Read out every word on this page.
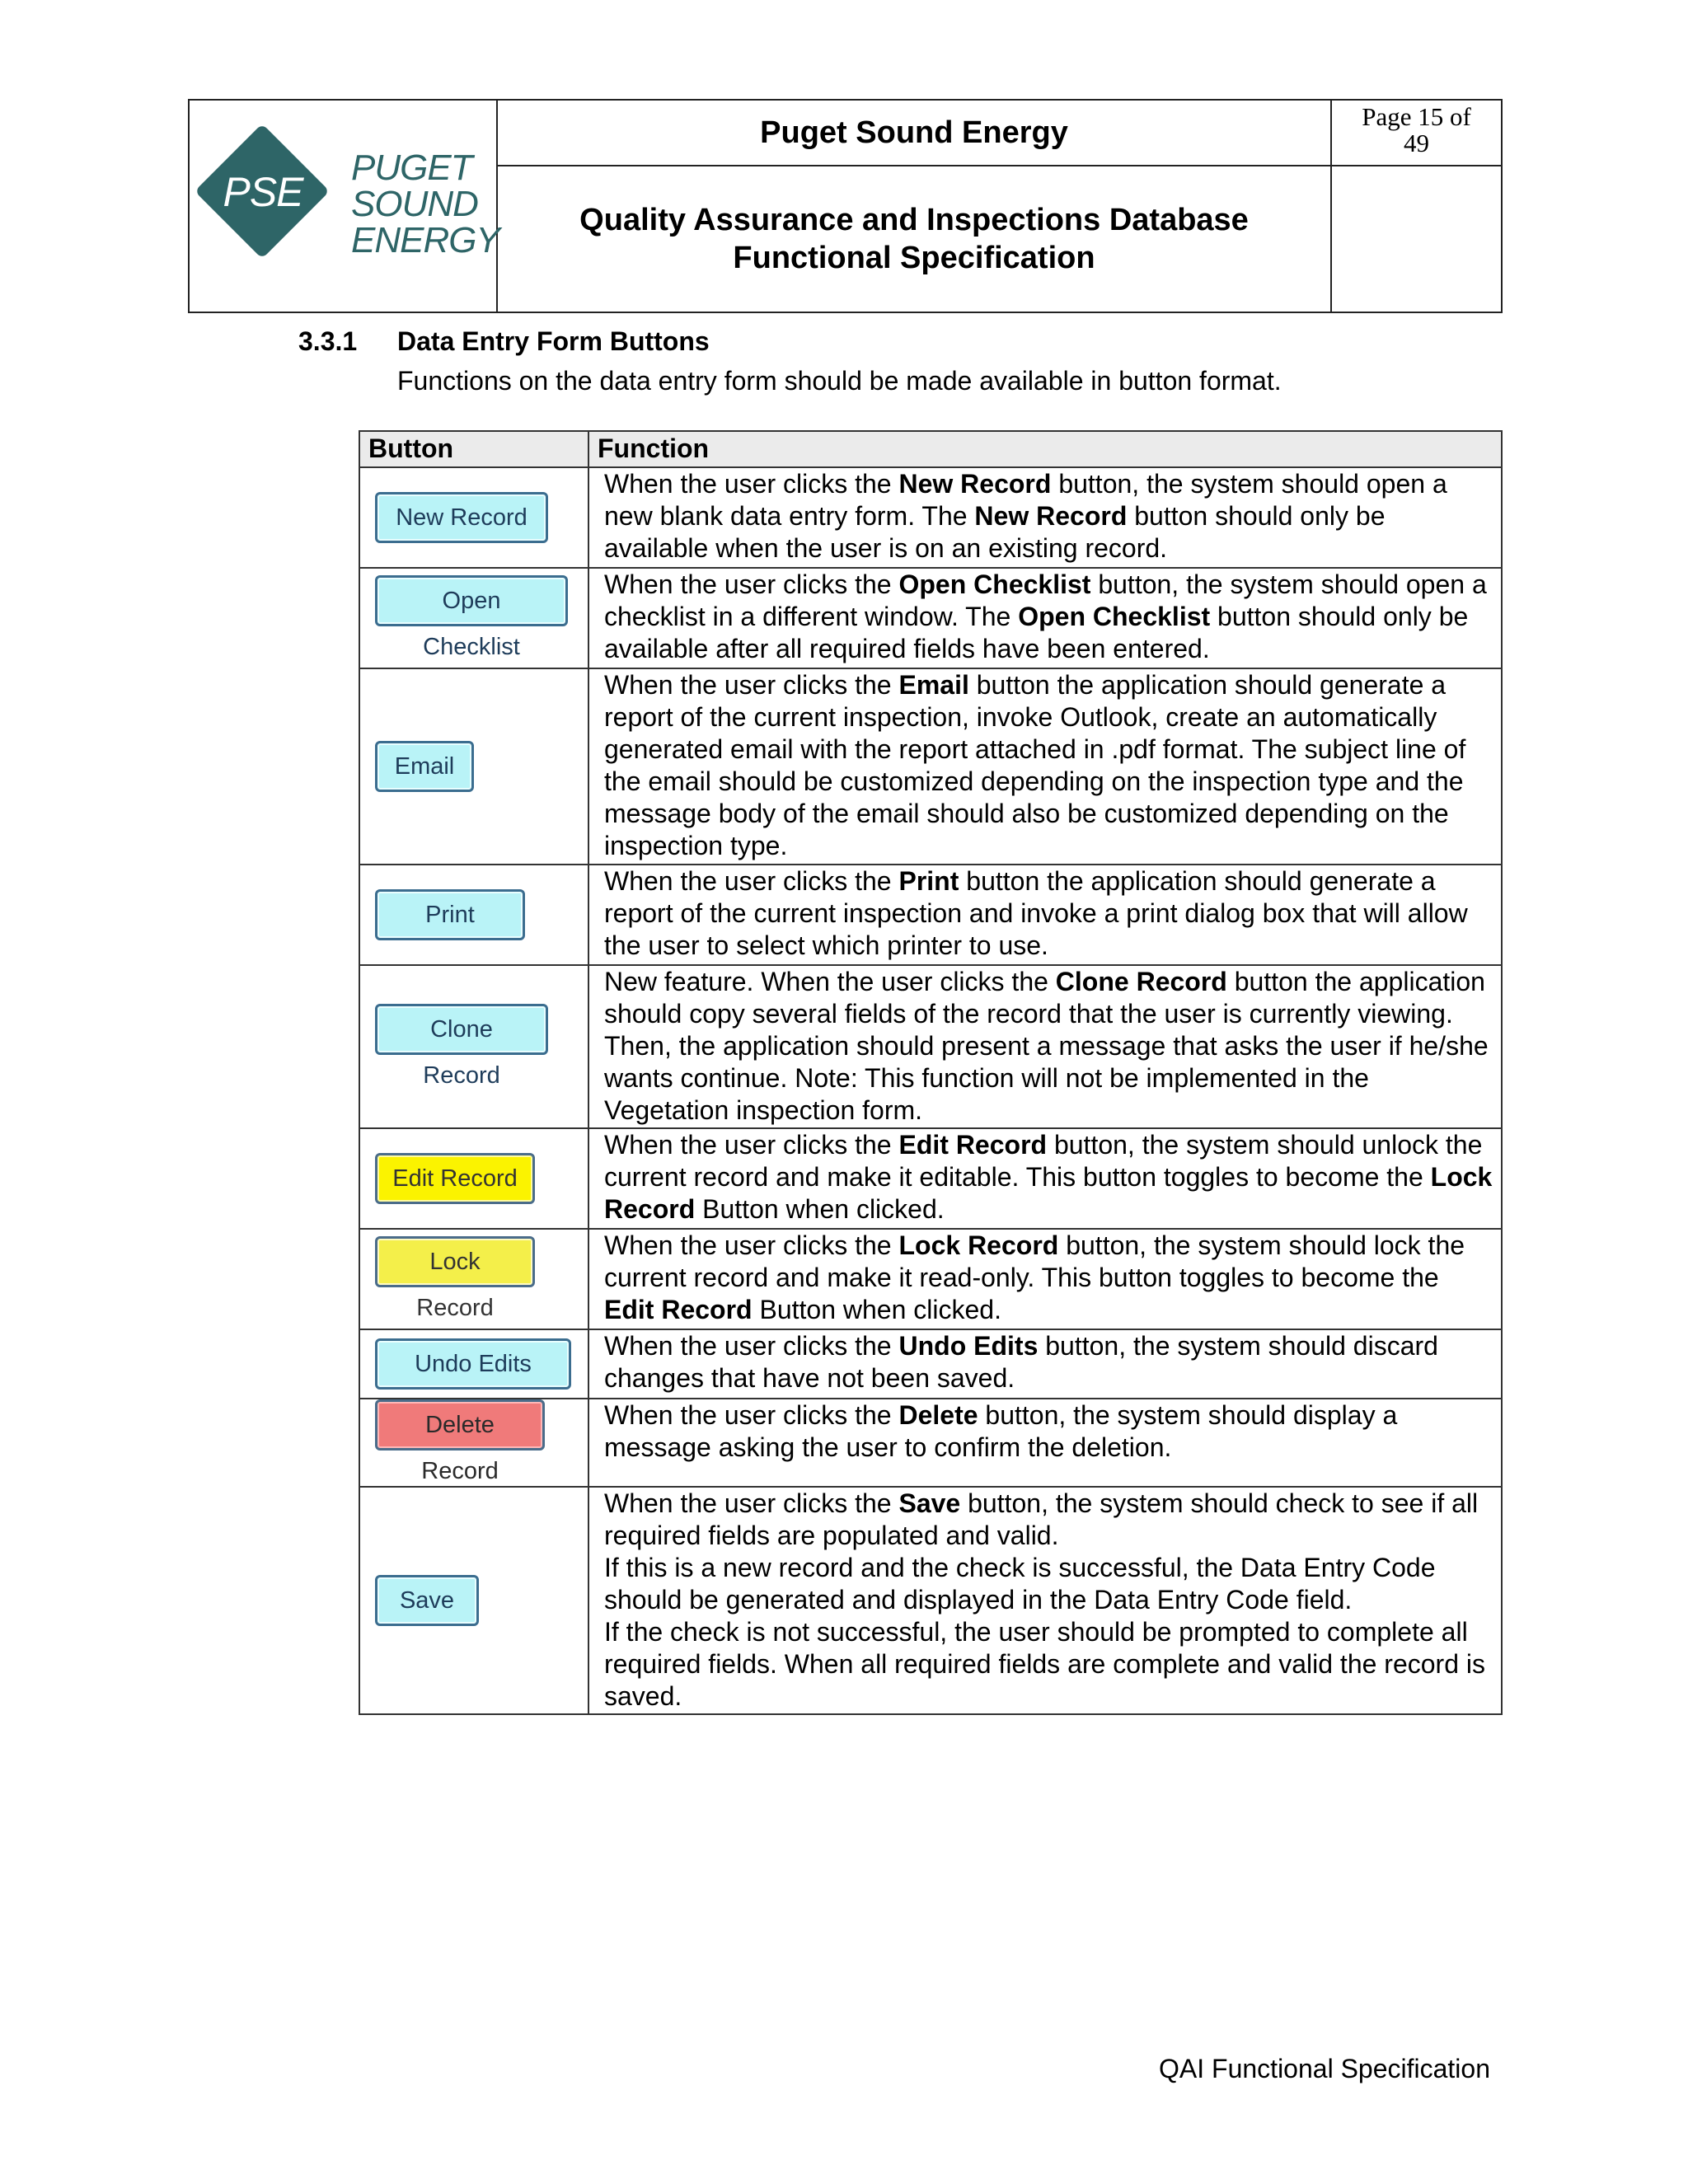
PSE
PUGET
SOUND
ENERGY
Puget Sound Energy
Quality Assurance and Inspections Database
Functional Specification
Page 15 of
49
3.3.1 Data Entry Form Buttons
Functions on the data entry form should be made available in button format.
Button	Function
New Record	When the user clicks the New Record button, the system should open a new blank data entry form. The New Record button should only be available when the user is on an existing record.
Open Checklist	When the user clicks the Open Checklist button, the system should open a checklist in a different window. The Open Checklist button should only be available after all required fields have been entered.
Email	When the user clicks the Email button the application should generate a report of the current inspection, invoke Outlook, create an automatically generated email with the report attached in .pdf format. The subject line of the email should be customized depending on the inspection type and the message body of the email should also be customized depending on the inspection type.
Print	When the user clicks the Print button the application should generate a report of the current inspection and invoke a print dialog box that will allow the user to select which printer to use.
Clone Record	New feature. When the user clicks the Clone Record button the application should copy several fields of the record that the user is currently viewing. Then, the application should present a message that asks the user if he/she wants continue. Note: This function will not be implemented in the Vegetation inspection form.
Edit Record	When the user clicks the Edit Record button, the system should unlock the current record and make it editable. This button toggles to become the Lock Record Button when clicked.
Lock Record	When the user clicks the Lock Record button, the system should lock the current record and make it read-only. This button toggles to become the Edit Record Button when clicked.
Undo Edits	When the user clicks the Undo Edits button, the system should discard changes that have not been saved.
Delete Record	When the user clicks the Delete button, the system should display a message asking the user to confirm the deletion.
Save	When the user clicks the Save button, the system should check to see if all required fields are populated and valid.
If this is a new record and the check is successful, the Data Entry Code should be generated and displayed in the Data Entry Code field.
If the check is not successful, the user should be prompted to complete all required fields. When all required fields are complete and valid the record is saved.
QAI Functional Specification
